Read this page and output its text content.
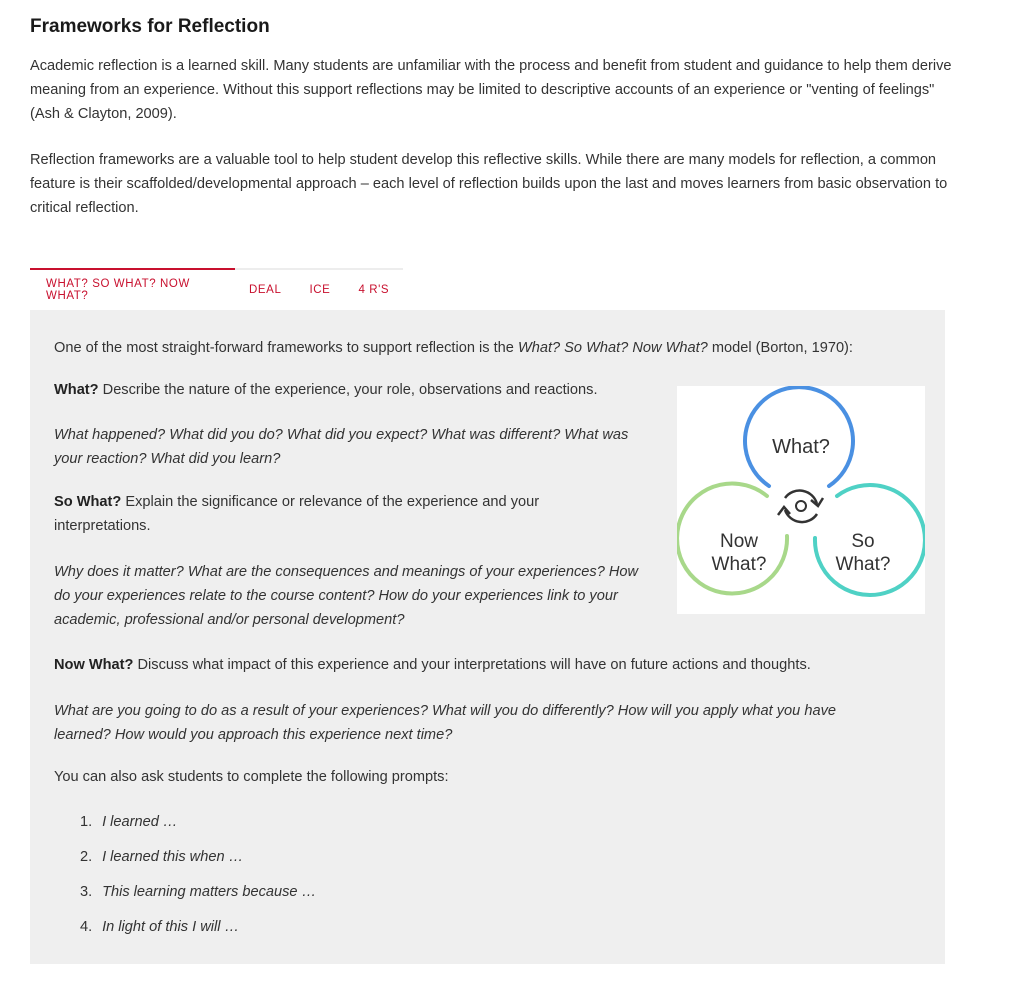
Frameworks for Reflection

Academic reflection is a learned skill. Many students are unfamiliar with the process and benefit from student and guidance to help them derive meaning from an experience. Without this support reflections may be limited to descriptive accounts of an experience or "venting of feelings" (Ash & Clayton, 2009).

Reflection frameworks are a valuable tool to help student develop this reflective skills. While there are many models for reflection, a common feature is their scaffolded/developmental approach – each level of reflection builds upon the last and moves learners from basic observation to critical reflection.

WHAT? SO WHAT? NOW WHAT?	DEAL	ICE	4 R'S

One of the most straight-forward frameworks to support reflection is the What? So What? Now What? model (Borton, 1970):

What? Describe the nature of the experience, your role, observations and reactions.

What happened? What did you do? What did you expect? What was different? What was your reaction? What did you learn?

So What? Explain the significance or relevance of the experience and your interpretations.

Why does it matter? What are the consequences and meanings of your experiences? How do your experiences relate to the course content? How do your experiences link to your academic, professional and/or personal development?

Now What? Discuss what impact of this experience and your interpretations will have on future actions and thoughts.

What are you going to do as a result of your experiences? What will you do differently? How will you apply what you have learned? How would you approach this experience next time?

You can also ask students to complete the following prompts:

1. I learned …
2. I learned this when …
3. This learning matters because …
4. In light of this I will …
What?
Now
What?
So
What?
